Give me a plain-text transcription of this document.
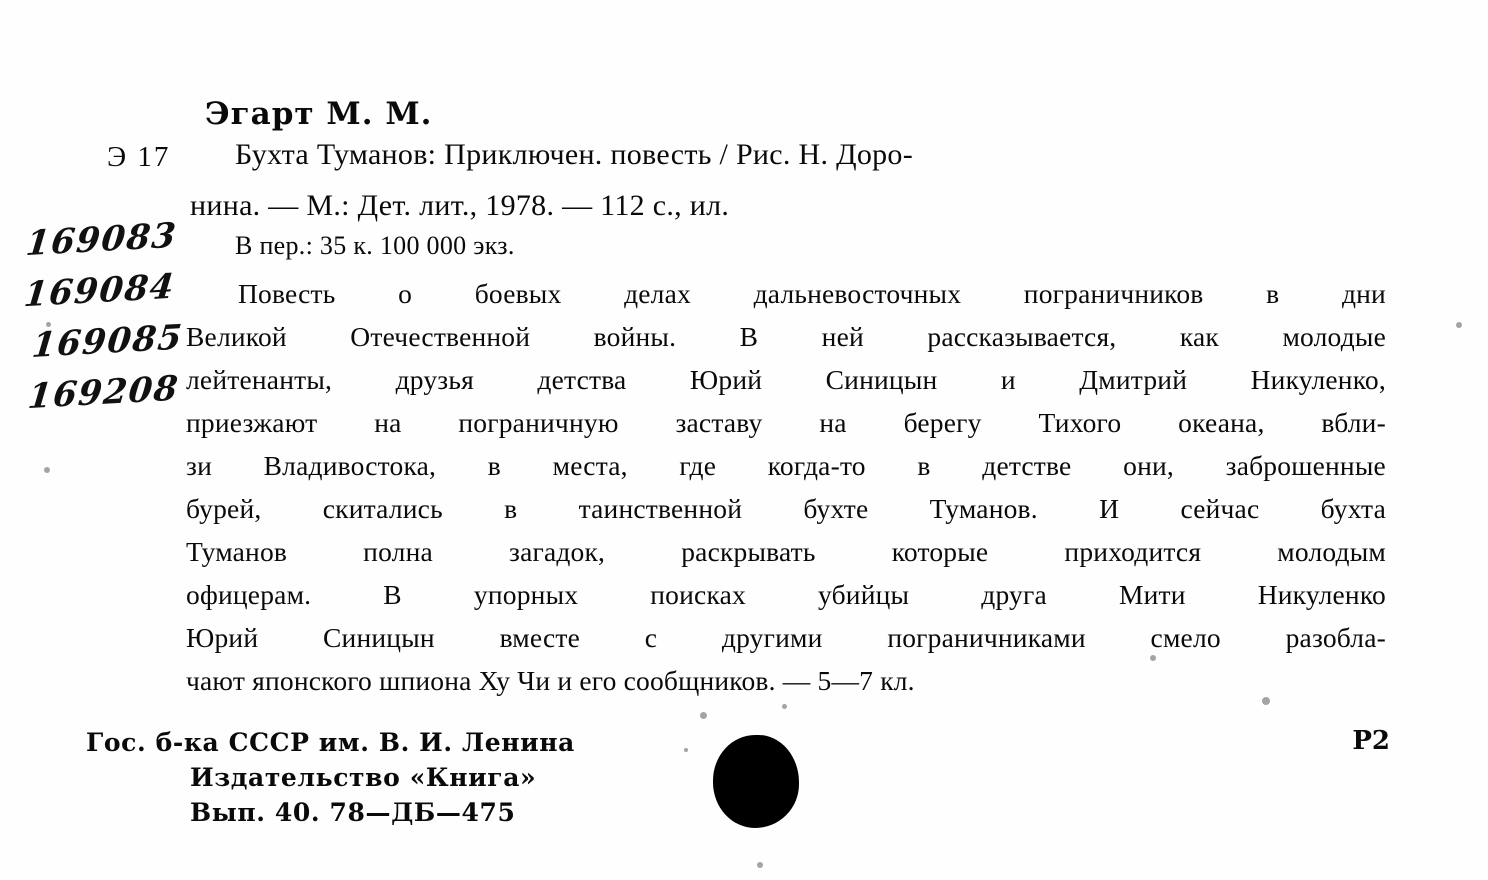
Эгарт М. М.
Э 17 Бухта Туманов: Приключен. повесть / Рис. Н. Доро-
нина. — М.: Дет. лит., 1978. — 112 с., ил.
В пер.: 35 к. 100 000 экз.
169083
169084
169085
169208
Повесть о боевых делах дальневосточных пограничников в дни
Великой Отечественной войны. В ней рассказывается, как молодые
лейтенанты, друзья детства Юрий Синицын и Дмитрий Никуленко,
приезжают на пограничную заставу на берегу Тихого океана, вбли-
зи Владивостока, в места, где когда-то в детстве они, заброшенные
бурей, скитались в таинственной бухте Туманов. И сейчас бухта
Туманов	полна	загадок,	раскрывать	которые	приходится	молодым
офицерам.	В	упорных	поисках	убийцы	друга	Мити	Никуленко
Юрий Синицын вместе с другими пограничниками смело разобла-
чают японского шпиона Ху Чи и его сообщников. — 5—7 кл.
Гос. б-ка СССР им. В. И. Ленина
Издательство «Книга»
Вып. 40. 78—ДБ—475
Р2
